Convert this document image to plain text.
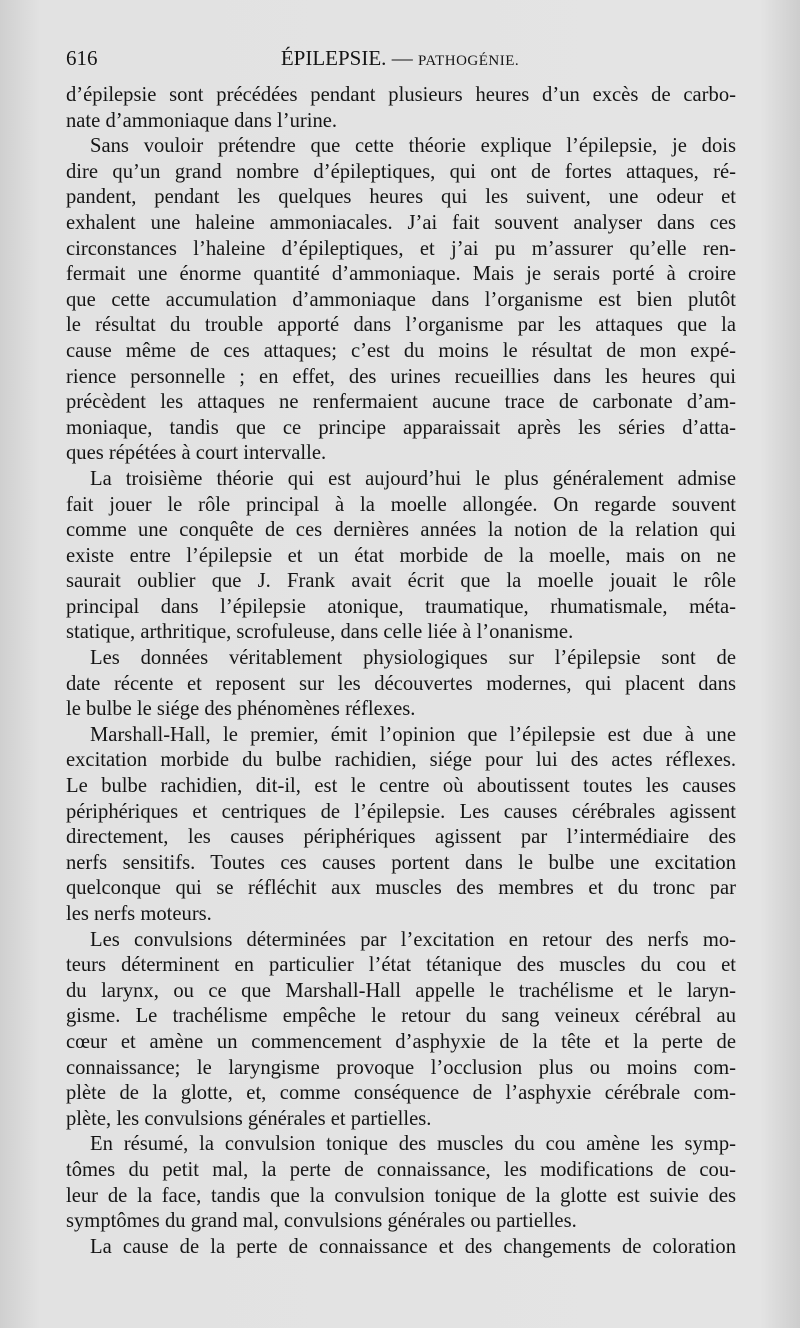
616	ÉPILEPSIE. — PATHOGÉNIE.
d’épilepsie sont précédées pendant plusieurs heures d’un excès de carbo-
nate d’ammoniaque dans l’urine.
Sans vouloir prétendre que cette théorie explique l’épilepsie, je dois
dire qu’un grand nombre d’épileptiques, qui ont de fortes attaques, ré-
pandent, pendant les quelques heures qui les suivent, une odeur et
exhalent une haleine ammoniacales. J’ai fait souvent analyser dans ces
circonstances l’haleine d’épileptiques, et j’ai pu m’assurer qu’elle ren-
fermait une énorme quantité d’ammoniaque. Mais je serais porté à croire
que cette accumulation d’ammoniaque dans l’organisme est bien plutôt
le résultat du trouble apporté dans l’organisme par les attaques que la
cause même de ces attaques; c’est du moins le résultat de mon expé-
rience personnelle ; en effet, des urines recueillies dans les heures qui
précèdent les attaques ne renfermaient aucune trace de carbonate d’am-
moniaque, tandis que ce principe apparaissait après les séries d’atta-
ques répétées à court intervalle.
La troisième théorie qui est aujourd’hui le plus généralement admise
fait jouer le rôle principal à la moelle allongée. On regarde souvent
comme une conquête de ces dernières années la notion de la relation qui
existe entre l’épilepsie et un état morbide de la moelle, mais on ne
saurait oublier que J. Frank avait écrit que la moelle jouait le rôle
principal dans l’épilepsie atonique, traumatique, rhumatismale, méta-
statique, arthritique, scrofuleuse, dans celle liée à l’onanisme.
Les données véritablement physiologiques sur l’épilepsie sont de
date récente et reposent sur les découvertes modernes, qui placent dans
le bulbe le siége des phénomènes réflexes.
Marshall-Hall, le premier, émit l’opinion que l’épilepsie est due à une
excitation morbide du bulbe rachidien, siége pour lui des actes réflexes.
Le bulbe rachidien, dit-il, est le centre où aboutissent toutes les causes
périphériques et centriques de l’épilepsie. Les causes cérébrales agissent
directement, les causes périphériques agissent par l’intermédiaire des
nerfs sensitifs. Toutes ces causes portent dans le bulbe une excitation
quelconque qui se réfléchit aux muscles des membres et du tronc par
les nerfs moteurs.
Les convulsions déterminées par l’excitation en retour des nerfs mo-
teurs déterminent en particulier l’état tétanique des muscles du cou et
du larynx, ou ce que Marshall-Hall appelle le trachélisme et le laryn-
gisme. Le trachélisme empêche le retour du sang veineux cérébral au
cœur et amène un commencement d’asphyxie de la tête et la perte de
connaissance; le laryngisme provoque l’occlusion plus ou moins com-
plète de la glotte, et, comme conséquence de l’asphyxie cérébrale com-
plète, les convulsions générales et partielles.
En résumé, la convulsion tonique des muscles du cou amène les symp-
tômes du petit mal, la perte de connaissance, les modifications de cou-
leur de la face, tandis que la convulsion tonique de la glotte est suivie des
symptômes du grand mal, convulsions générales ou partielles.
La cause de la perte de connaissance et des changements de coloration
